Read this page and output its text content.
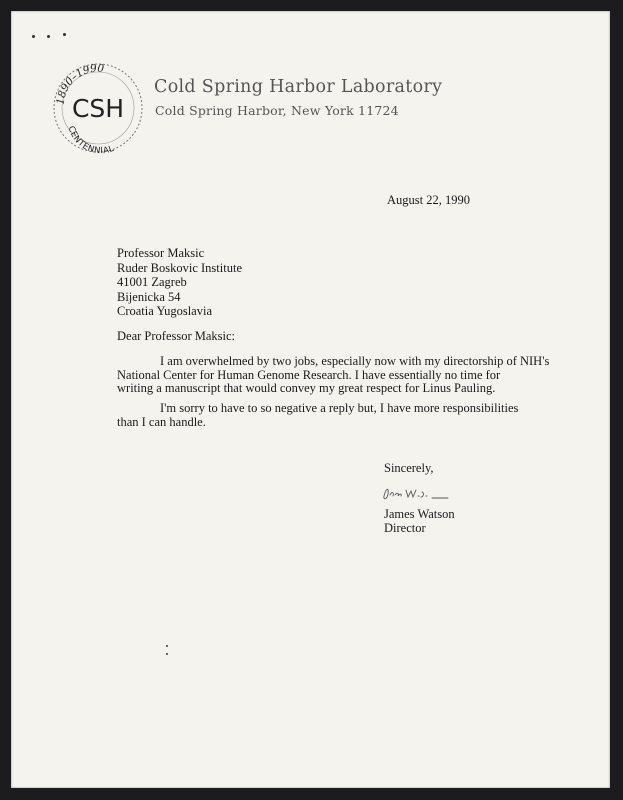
1890–1990
CSH
CENTENNIAL
Cold Spring Harbor Laboratory
Cold Spring Harbor, New York 11724
August 22, 1990
Professor Maksic
Ruder Boskovic Institute
41001 Zagreb
Bijenicka 54
Croatia Yugoslavia
Dear Professor Maksic:
I am overwhelmed by two jobs, especially now with my directorship of NIH's
National Center for Human Genome Research. I have essentially no time for
writing a manuscript that would convey my great respect for Linus Pauling.
I'm sorry to have to so negative a reply but, I have more responsibilities
than I can handle.
Sincerely,
James Watson
Director
